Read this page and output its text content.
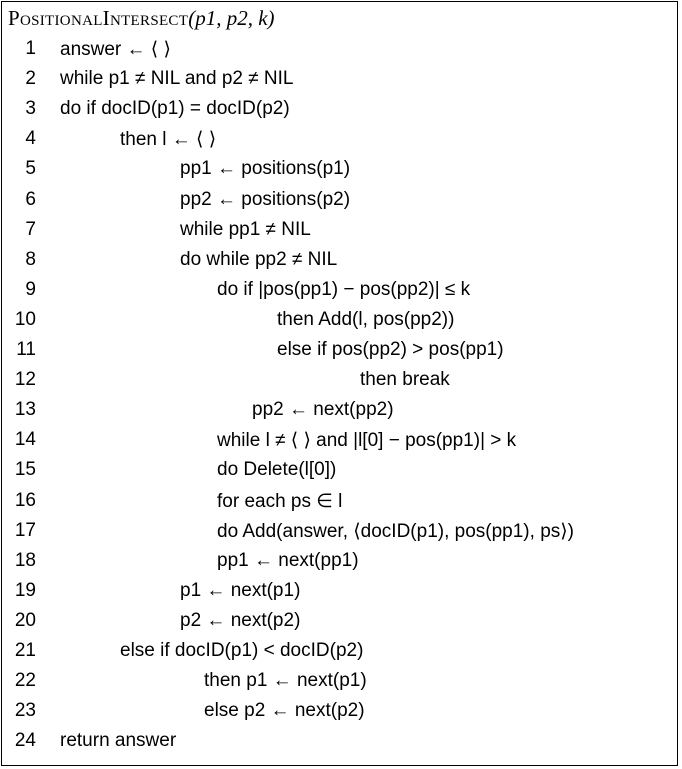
PositionalIntersect(p1, p2, k)
1 answer ← ⟨ ⟩
2 while p1 ≠ NIL and p2 ≠ NIL
3 do if docID(p1) = docID(p2)
4	then l ← ⟨ ⟩
5	pp1 ← positions(p1)
6	pp2 ← positions(p2)
7	while pp1 ≠ NIL
8	do while pp2 ≠ NIL
9	do if |pos(pp1) − pos(pp2)| ≤ k
10	then Add(l, pos(pp2))
11	else if pos(pp2) > pos(pp1)
12	then break
13	pp2 ← next(pp2)
14	while l ≠ ⟨ ⟩ and |l[0] − pos(pp1)| > k
15	do Delete(l[0])
16	for each ps ∈ l
17	do Add(answer, ⟨docID(p1), pos(pp1), ps⟩)
18	pp1 ← next(pp1)
19	p1 ← next(p1)
20	p2 ← next(p2)
21	else if docID(p1) < docID(p2)
22	then p1 ← next(p1)
23	else p2 ← next(p2)
24 return answer
